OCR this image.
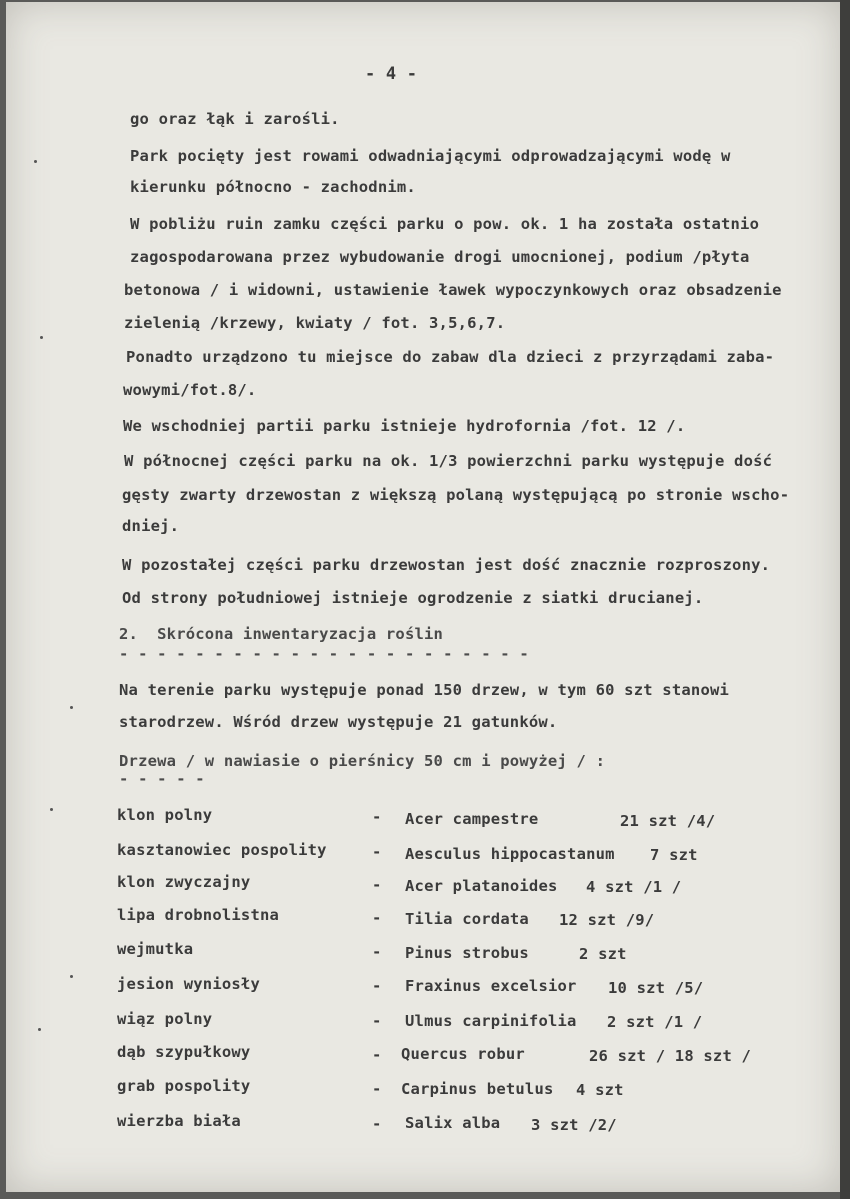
- 4 -
go oraz łąk i zarośli.
Park pocięty jest rowami odwadniającymi odprowadzającymi wodę w
kierunku północno - zachodnim.
W pobliżu ruin zamku części parku o pow. ok. 1 ha została ostatnio
zagospodarowana przez wybudowanie drogi umocnionej, podium /płyta
betonowa / i widowni, ustawienie ławek wypoczynkowych oraz obsadzenie
zielenią /krzewy, kwiaty / fot. 3,5,6,7.
Ponadto urządzono tu miejsce do zabaw dla dzieci z przyrządami zaba-
wowymi/fot.8/.
We wschodniej partii parku istnieje hydrofornia /fot. 12 /.
W północnej części parku na ok. 1/3 powierzchni parku występuje dość
gęsty zwarty drzewostan z większą polaną występującą po stronie wscho-
dniej.
W pozostałej części parku drzewostan jest dość znacznie rozproszony.
Od strony południowej istnieje ogrodzenie z siatki drucianej.
2.  Skrócona inwentaryzacja roślin
- - - - - - - - - - - - - - - - - - - - - -
Na terenie parku występuje ponad 150 drzew, w tym 60 szt stanowi
starodrzew. Wśród drzew występuje 21 gatunków.
Drzewa / w nawiasie o pierśnicy 50 cm i powyżej / :
- - - - -
klon polny	- Acer campestre	21 szt /4/
kasztanowiec pospolity	- Aesculus hippocastanum 7 szt
klon zwyczajny	- Acer platanoides 4 szt /1 /
lipa drobnolistna	- Tilia cordata 12 szt /9/
wejmutka	- Pinus strobus	2 szt
jesion wyniosły	- Fraxinus excelsior 10 szt /5/
wiąz polny	- Ulmus carpinifolia 2 szt /1 /
dąb szypułkowy	- Quercus robur	26 szt / 18 szt /
grab pospolity	- Carpinus betulus 4 szt
wierzba biała	- Salix alba 3 szt /2/
